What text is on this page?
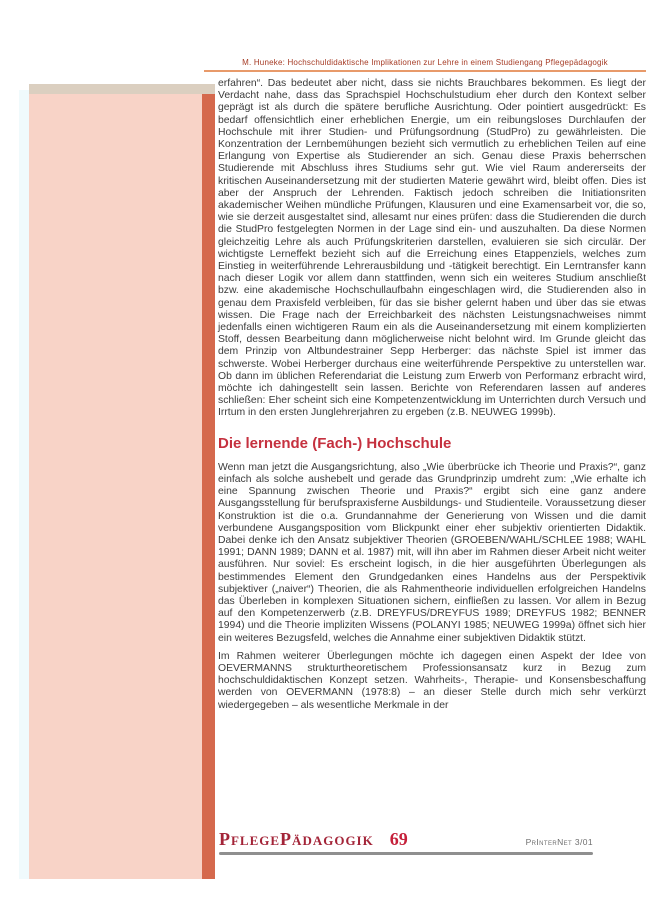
M. Huneke: Hochschuldidaktische Implikationen zur Lehre in einem Studiengang Pflegepädagogik

erfahren“. Das bedeutet aber nicht, dass sie nichts Brauchbares bekommen. Es liegt der Verdacht nahe, dass das Sprachspiel Hochschulstudium eher durch den Kontext selber geprägt ist als durch die spätere berufliche Ausrichtung. Oder pointiert ausgedrückt: Es bedarf offensichtlich einer erheblichen Energie, um ein reibungsloses Durchlaufen der Hochschule mit ihrer Studien- und Prüfungsordnung (StudPro) zu gewährleisten. Die Konzentration der Lernbemühungen bezieht sich vermutlich zu erheblichen Teilen auf eine Erlangung von Expertise als Studierender an sich. Genau diese Praxis beherrschen Studierende mit Abschluss ihres Studiums sehr gut. Wie viel Raum andererseits der kritischen Auseinandersetzung mit der studierten Materie gewährt wird, bleibt offen. Dies ist aber der Anspruch der Lehrenden. Faktisch jedoch schreiben die Initiationsriten akademischer Weihen mündliche Prüfungen, Klausuren und eine Examensarbeit vor, die so, wie sie derzeit ausgestaltet sind, allesamt nur eines prüfen: dass die Studierenden die durch die StudPro festgelegten Normen in der Lage sind ein- und auszuhalten. Da diese Normen gleichzeitig Lehre als auch Prüfungskriterien darstellen, evaluieren sie sich circulär. Der wichtigste Lerneffekt bezieht sich auf die Erreichung eines Etappenziels, welches zum Einstieg in weiterführende Lehrerausbildung und -tätigkeit berechtigt. Ein Lerntransfer kann nach dieser Logik vor allem dann stattfinden, wenn sich ein weiteres Studium anschließt bzw. eine akademische Hochschullaufbahn eingeschlagen wird, die Studierenden also in genau dem Praxisfeld verbleiben, für das sie bisher gelernt haben und über das sie etwas wissen. Die Frage nach der Erreichbarkeit des nächsten Leistungsnachweises nimmt jedenfalls einen wichtigeren Raum ein als die Auseinandersetzung mit einem komplizierten Stoff, dessen Bearbeitung dann möglicherweise nicht belohnt wird. Im Grunde gleicht das dem Prinzip von Altbundestrainer Sepp Herberger: das nächste Spiel ist immer das schwerste. Wobei Herberger durchaus eine weiterführende Perspektive zu unterstellen war. Ob dann im üblichen Referendariat die Leistung zum Erwerb von Performanz erbracht wird, möchte ich dahingestellt sein lassen. Berichte von Referendaren lassen auf anderes schließen: Eher scheint sich eine Kompetenzentwicklung im Unterrichten durch Versuch und Irrtum in den ersten Junglehrerjahren zu ergeben (z.B. NEUWEG 1999b).

Die lernende (Fach-) Hochschule

Wenn man jetzt die Ausgangsrichtung, also „Wie überbrücke ich Theorie und Praxis?“, ganz einfach als solche aushebelt und gerade das Grundprinzip umdreht zum: „Wie erhalte ich eine Spannung zwischen Theorie und Praxis?“ ergibt sich eine ganz andere Ausgangsstellung für berufspraxisferne Ausbildungs- und Studienteile. Voraussetzung dieser Konstruktion ist die o.a. Grundannahme der Generierung von Wissen und die damit verbundene Ausgangsposition vom Blickpunkt einer eher subjektiv orientierten Didaktik. Dabei denke ich den Ansatz subjektiver Theorien (GROEBEN/WAHL/SCHLEE 1988; WAHL 1991; DANN 1989; DANN et al. 1987) mit, will ihn aber im Rahmen dieser Arbeit nicht weiter ausführen. Nur soviel: Es erscheint logisch, in die hier ausgeführten Überlegungen als bestimmendes Element den Grundgedanken eines Handelns aus der Perspektivik subjektiver („naiver“) Theorien, die als Rahmentheorie individuellen erfolgreichen Handelns das Überleben in komplexen Situationen sichern, einfließen zu lassen. Vor allem in Bezug auf den Kompetenzerwerb (z.B. DREYFUS/DREYFUS 1989; DREYFUS 1982; BENNER 1994) und die Theorie impliziten Wissens (POLANYI 1985; NEUWEG 1999a) öffnet sich hier ein weiteres Bezugsfeld, welches die Annahme einer subjektiven Didaktik stützt.

Im Rahmen weiterer Überlegungen möchte ich dagegen einen Aspekt der Idee von OEVERMANNS strukturtheoretischem Professionsansatz kurz in Bezug zum hochschuldidaktischen Konzept setzen. Wahrheits-, Therapie- und Konsensbeschaffung werden von OEVERMANN (1978:8) – an dieser Stelle durch mich sehr verkürzt wiedergegeben – als wesentliche Merkmale in der

PflegePädagogik 69	PrInterNet 3/01
